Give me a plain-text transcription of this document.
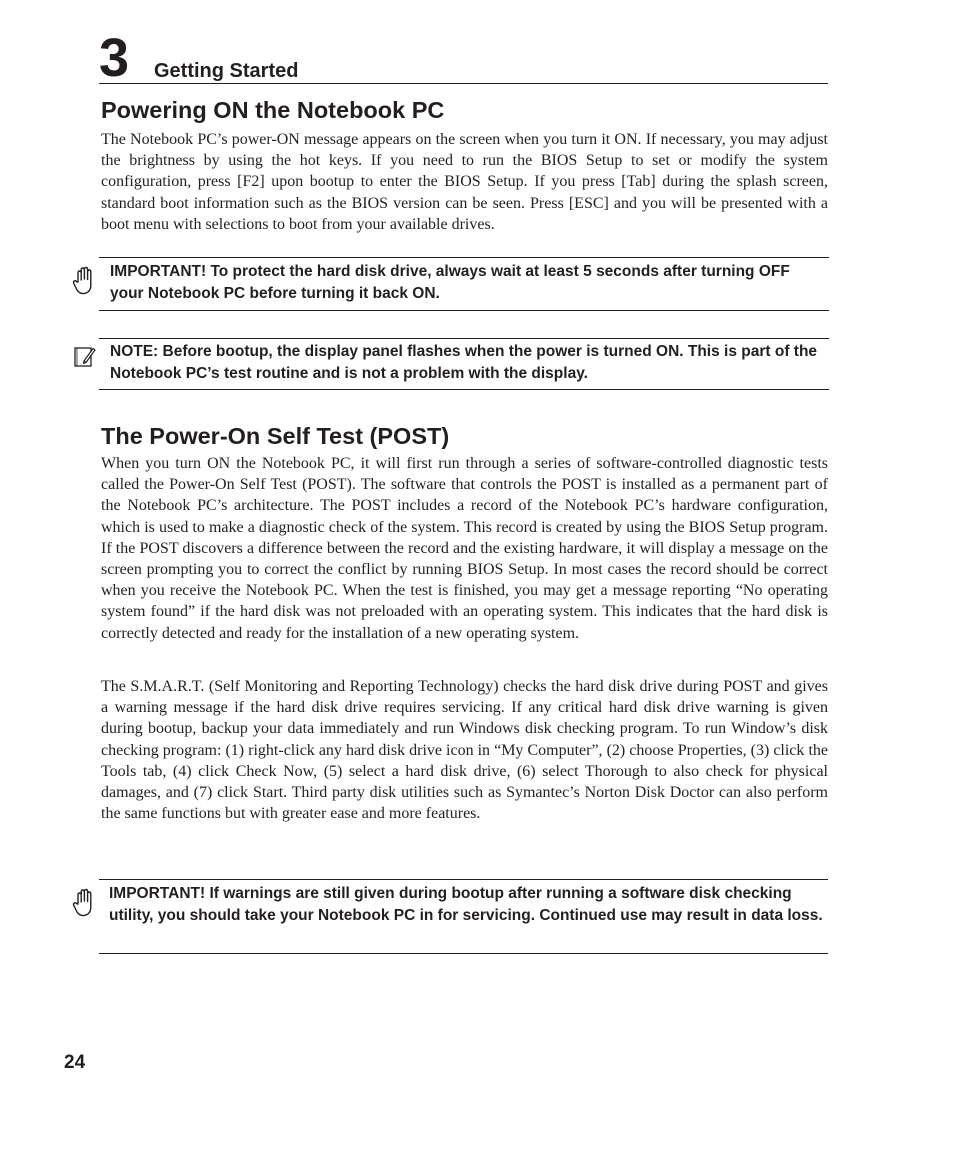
3 Getting Started
Powering ON the Notebook PC

The Notebook PC’s power-ON message appears on the screen when you turn it ON. If necessary, you may adjust the brightness by using the hot keys. If you need to run the BIOS Setup to set or modify the system configuration, press [F2] upon bootup to enter the BIOS Setup. If you press [Tab] during the splash screen, standard boot information such as the BIOS version can be seen. Press [ESC] and you will be presented with a boot menu with selections to boot from your available drives.

IMPORTANT! To protect the hard disk drive, always wait at least 5 seconds after turning OFF your Notebook PC before turning it back ON.

NOTE: Before bootup, the display panel flashes when the power is turned ON. This is part of the Notebook PC’s test routine and is not a problem with the display.

The Power-On Self Test (POST)

When you turn ON the Notebook PC, it will first run through a series of software-controlled diagnostic tests called the Power-On Self Test (POST). The software that controls the POST is installed as a permanent part of the Notebook PC’s architecture. The POST includes a record of the Notebook PC’s hardware configuration, which is used to make a diagnostic check of the system. This record is created by using the BIOS Setup program. If the POST discovers a difference between the record and the existing hardware, it will display a message on the screen prompting you to correct the conflict by running BIOS Setup. In most cases the record should be correct when you receive the Notebook PC. When the test is finished, you may get a message reporting “No operating system found” if the hard disk was not preloaded with an operating system. This indicates that the hard disk is correctly detected and ready for the installation of a new operating system.

The S.M.A.R.T. (Self Monitoring and Reporting Technology) checks the hard disk drive during POST and gives a warning message if the hard disk drive requires servicing. If any critical hard disk drive warning is given during bootup, backup your data immediately and run Windows disk checking program. To run Window’s disk checking program: (1) right-click any hard disk drive icon in “My Computer”, (2) choose Properties, (3) click the Tools tab, (4) click Check Now, (5) select a hard disk drive, (6) select Thorough to also check for physical damages, and (7) click Start. Third party disk utilities such as Symantec’s Norton Disk Doctor can also perform the same functions but with greater ease and more features.

IMPORTANT! If warnings are still given during bootup after running a software disk checking utility, you should take your Notebook PC in for servicing. Continued use may result in data loss.

24
